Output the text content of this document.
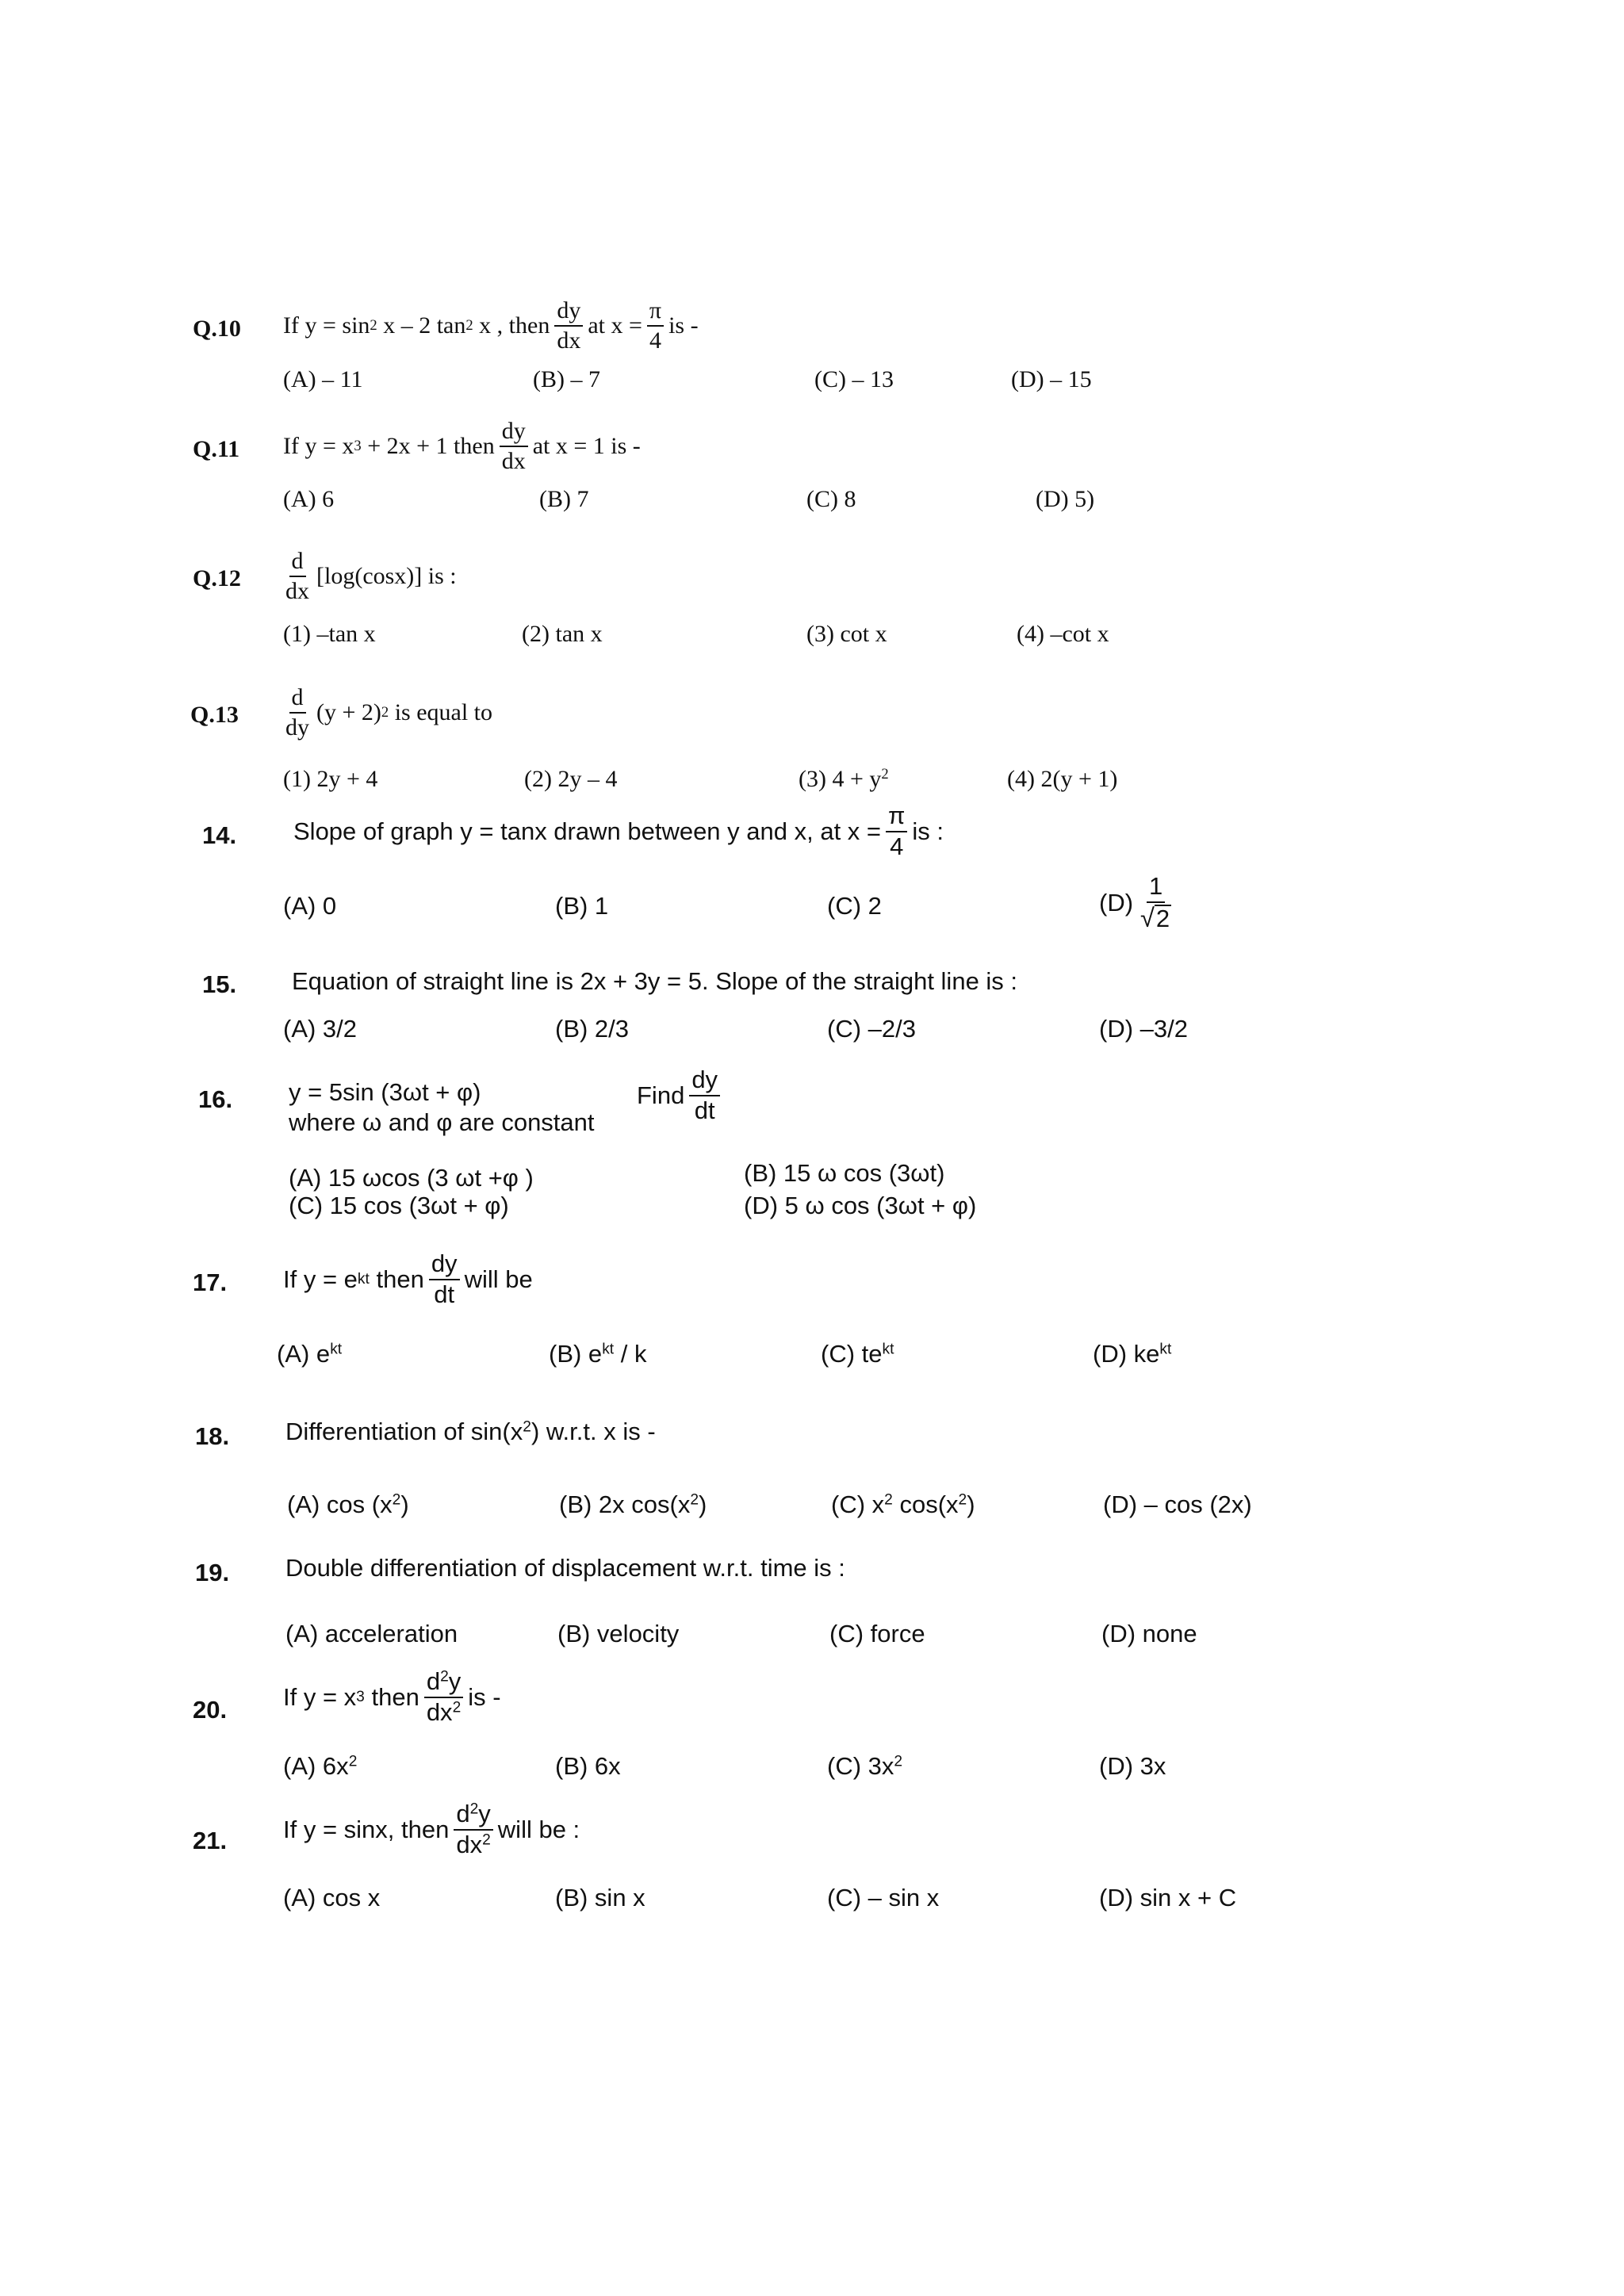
Q.10 If y = sin 2 x – 2 tan 2 x , then $\frac{dy}{dx}$ at $x = \frac{\pi}{4}$ is -
(A) – 11	(B) – 7	(C) – 13	(D) – 15
Q.11 If y = x 3 + 2x + 1 then $\frac{dy}{dx}$ at x = 1 is -
(A) 6	(B) 7	(C) 8	(D) 5)
$Q.12 \frac{d}{dx} [\log(\cos x)]$ is :
(1) –tan x	(2) tan x	(3) cot x	(4) –cot x
$Q.13 \frac{d}{dy} (y + 2)$ 2 is equal to
(1) 2y + 4	(2) 2y – 4	(3) $4 + y^2$	(4) 2(y + 1)
14. Slope of graph y = tanx drawn between y and x, at $x = \frac{\pi}{4}$ is :
(A) 0	(B) 1	(C) 2	$(D) \frac{1}{√ 2}$
15. Equation of straight line is 2x + 3y = 5. Slope of the straight line is :
(A) 3/2	(B) 2/3	(C) –2/3	(D) –3/2
16. y = 5sin (3ωt + φ)
where ω and φ are constant
Find $\frac{dy}{dt}$
(A) 15 ωcos (3 ωt +φ )	(B) 15 ω cos (3ωt)
(C) 15 cos (3ωt + φ)	(D) 5 ω cos (3ωt + φ)
17. If y = e kt then $\frac{dy}{dt}$ will be
(A) $e^{kt}$	(B) $e^{kt}$ / k	(C) $te^{kt}$	(D) $ke^{kt}$
18. Differentiation of $\sin(x^2)$ w.r.t. x is -
(A) $\cos (x^2)$	(B) 2x $\cos(x^2)$	(C) $x^2$ $\cos(x^2)$	(D) – cos (2x)
19. Double differentiation of displacement w.r.t. time is :
(A) acceleration	(B) velocity	(C) force	(D) none
20. If y = x 3 then $\frac{d^2y}{dx^2}$ is -
(A) $6x^2$	(B) 6x	(C) $3x^2$	(D) 3x
21. If y = sinx, then $\frac{d^2y}{dx^2}$ will be :
(A) cos x	(B) sin x	(C) – sin x	(D) sin x + C
